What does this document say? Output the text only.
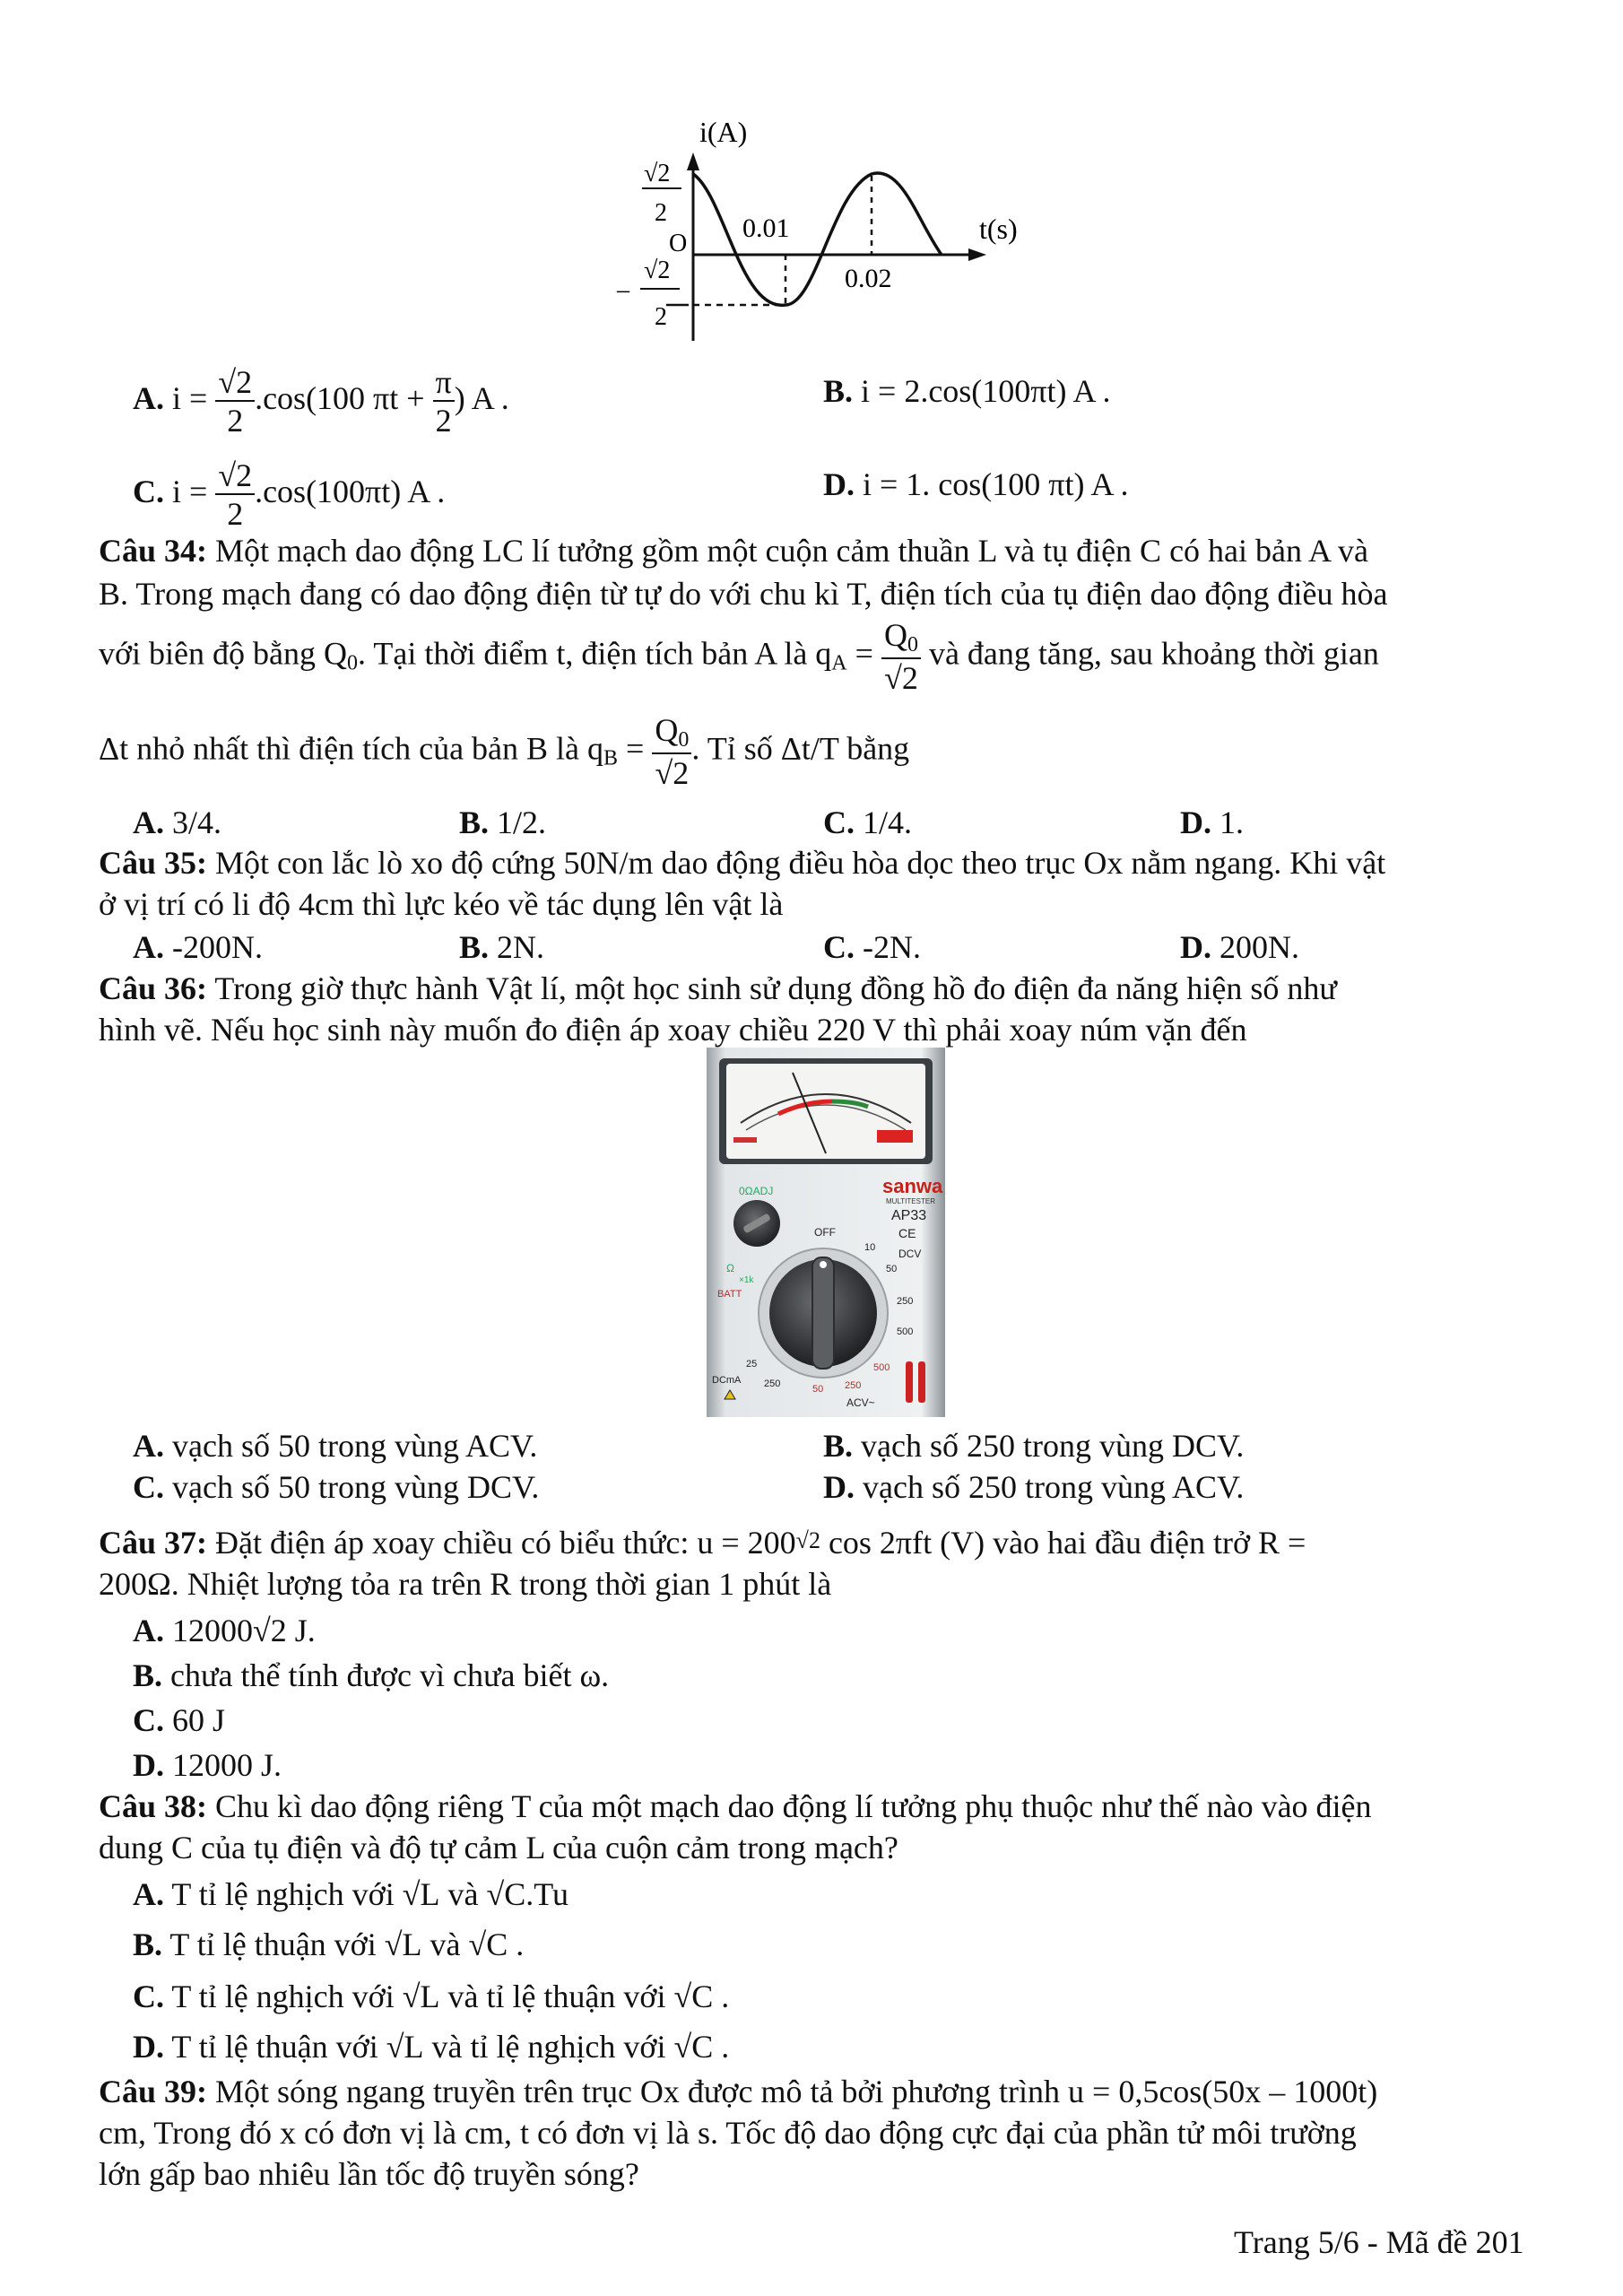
i(A)
t(s)
O
√2
2
–
√2
2
0.01
0.02
A. $i = \frac{√2}{2} .\cos(100$ $\pi t + \frac{\pi}{2}$ ) A .	B. i = 2.cos(100πt) A .
C. $i = \frac{√2}{2} .\cos(100\pi t)$ A .	D. i = 1. cos(100 πt) A .
Câu 34: Một mạch dao động LC lí tưởng gồm một cuộn cảm thuần L và tụ điện C có hai bản A và
B. Trong mạch đang có dao động điện từ tự do với chu kì T, điện tích của tụ điện dao động điều hòa
với biên độ bằng $Q_0$. Tại thời điểm t, điện tích bản A là $q_A = \frac{Q_0}{√2}$ và đang tăng, sau khoảng thời gian
Δt nhỏ nhất thì điện tích của bản B là $q_B = \frac{Q_0}{√2}$ . Tỉ số Δt/T bằng
A. 3/4.	B. 1/2.	C. 1/4.	D. 1.
Câu 35: Một con lắc lò xo độ cứng 50N/m dao động điều hòa dọc theo trục Ox nằm ngang. Khi vật
ở vị trí có li độ 4cm thì lực kéo về tác dụng lên vật là
A. -200N.	B. 2N.	C. -2N.	D. 200N.
Câu 36: Trong giờ thực hành Vật lí, một học sinh sử dụng đồng hồ đo điện đa năng hiện số như
hình vẽ. Nếu học sinh này muốn đo điện áp xoay chiều 220 V thì phải xoay núm vặn đến
sanwa
MULTITESTER
AP33
CE
0ΩADJ
OFF
DCV
10
50
250
500
BATT
Ω
×1k
25
DCmA 250	50 250
500
ACV~
A. vạch số 50 trong vùng ACV.	B. vạch số 250 trong vùng DCV.
C. vạch số 50 trong vùng DCV.	D. vạch số 250 trong vùng ACV.
Câu 37: Đặt điện áp xoay chiều có biểu thức: u = 200√2 cos 2πft (V) vào hai đầu điện trở R =
200Ω. Nhiệt lượng tỏa ra trên R trong thời gian 1 phút là
A. 12000√2 J.
B. chưa thể tính được vì chưa biết ω.
C. 60 J
D. 12000 J.
Câu 38: Chu kì dao động riêng T của một mạch dao động lí tưởng phụ thuộc như thế nào vào điện
dung C của tụ điện và độ tự cảm L của cuộn cảm trong mạch?
A. T tỉ lệ nghịch với √L và √C.Tu
B. T tỉ lệ thuận với √L và √C .
C. T tỉ lệ nghịch với √L và tỉ lệ thuận với √C .
D. T tỉ lệ thuận với √L và tỉ lệ nghịch với √C .
Câu 39: Một sóng ngang truyền trên trục Ox được mô tả bởi phương trình u = 0,5cos(50x – 1000t)
cm, Trong đó x có đơn vị là cm, t có đơn vị là s. Tốc độ dao động cực đại của phần tử môi trường
lớn gấp bao nhiêu lần tốc độ truyền sóng?
Trang 5/6 - Mã đề 201
